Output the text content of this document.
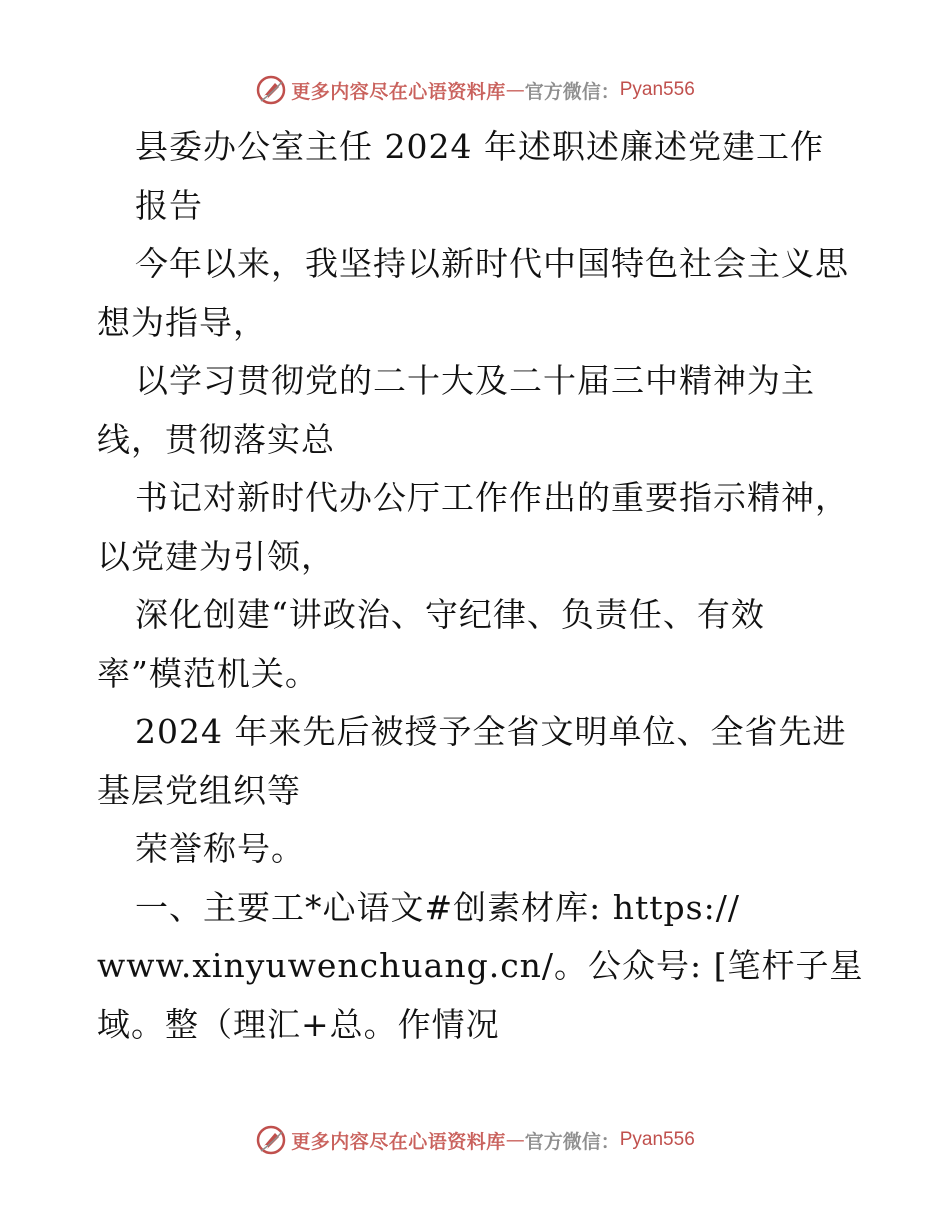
更多内容尽在心语资料库 — 官方微信： Pyan556
县委办公室主任 2024 年述职述廉述党建工作
报告
今年以来，我坚持以新时代中国特色社会主义思
想为指导，
以学习贯彻党的二十大及二十届三中精神为主
线，贯彻落实总
书记对新时代办公厅工作作出的重要指示精神，
以党建为引领，
深化创建“讲政治、守纪律、负责任、有效
率”模范机关。
2024 年来先后被授予全省文明单位、全省先进
基层党组织等
荣誉称号。
一、主要工*心语文#创素材库: https://
www.xinyuwenchuang.cn/。公众号: [笔杆子星
域。整（理汇+总。作情况
更多内容尽在心语资料库 — 官方微信： Pyan556
